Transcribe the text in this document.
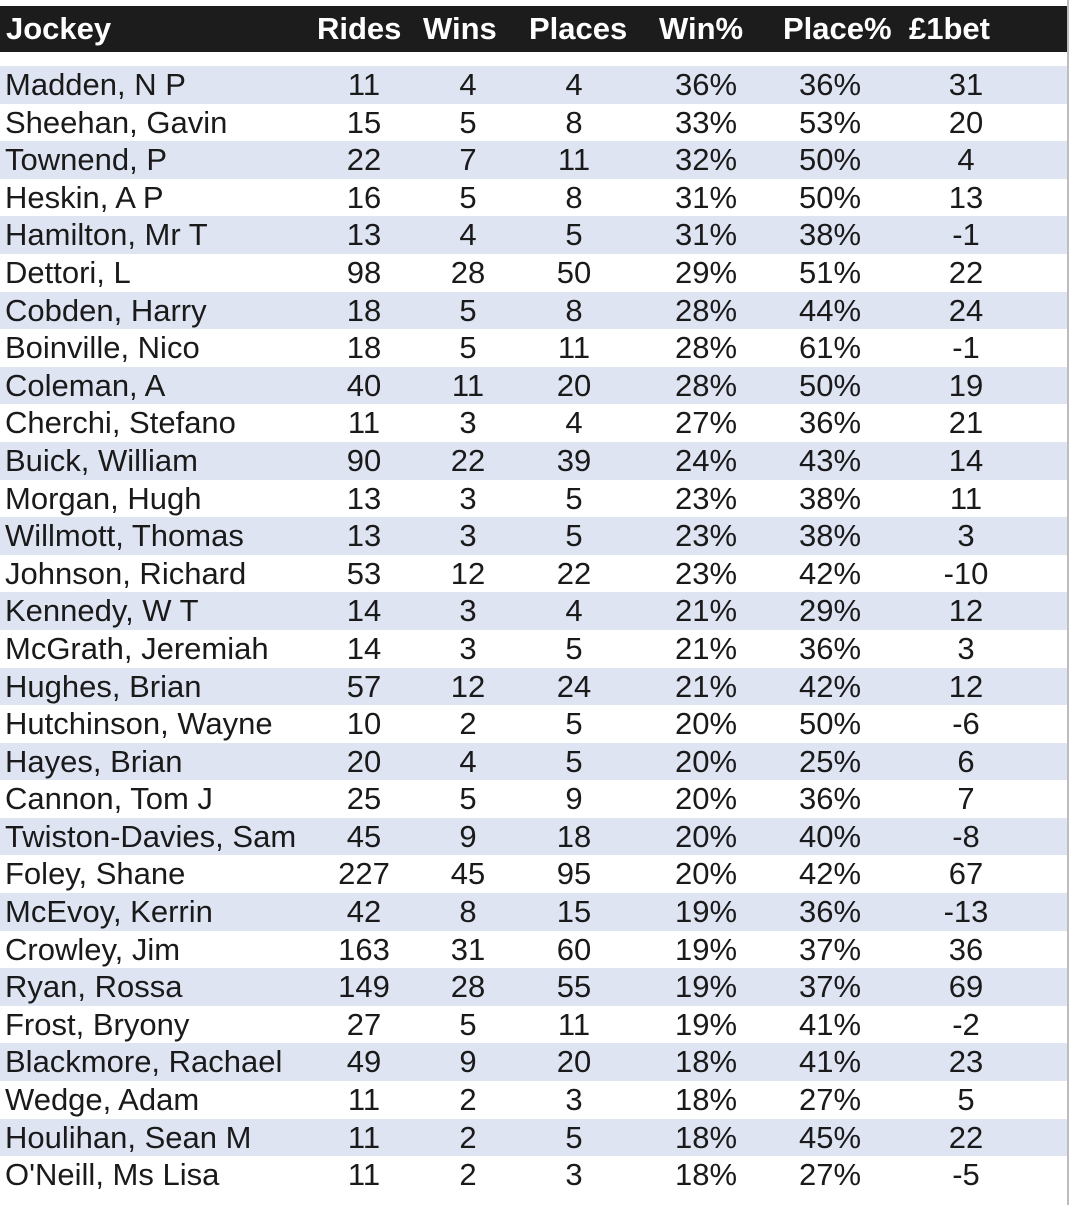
Jockey	Rides Wins Places Win% Place% £1bet
Madden, N P	11	4	4	36%	36%	31
Sheehan, Gavin	15	5	8	33%	53%	20
Townend, P	22	7	11	32%	50%	4
Heskin, A P	16	5	8	31%	50%	13
Hamilton, Mr T	13	4	5	31%	38%	-1
Dettori, L	98	28	50	29%	51%	22
Cobden, Harry	18	5	8	28%	44%	24
Boinville, Nico	18	5	11	28%	61%	-1
Coleman, A	40	11	20	28%	50%	19
Cherchi, Stefano	11	3	4	27%	36%	21
Buick, William	90	22	39	24%	43%	14
Morgan, Hugh	13	3	5	23%	38%	11
Willmott, Thomas	13	3	5	23%	38%	3
Johnson, Richard	53	12	22	23%	42%	-10
Kennedy, W T	14	3	4	21%	29%	12
McGrath, Jeremiah	14	3	5	21%	36%	3
Hughes, Brian	57	12	24	21%	42%	12
Hutchinson, Wayne	10	2	5	20%	50%	-6
Hayes, Brian	20	4	5	20%	25%	6
Cannon, Tom J	25	5	9	20%	36%	7
Twiston-Davies, Sam	45	9	18	20%	40%	-8
Foley, Shane	227	45	95	20%	42%	67
McEvoy, Kerrin	42	8	15	19%	36%	-13
Crowley, Jim	163	31	60	19%	37%	36
Ryan, Rossa	149	28	55	19%	37%	69
Frost, Bryony	27	5	11	19%	41%	-2
Blackmore, Rachael	49	9	20	18%	41%	23
Wedge, Adam	11	2	3	18%	27%	5
Houlihan, Sean M	11	2	5	18%	45%	22
O'Neill, Ms Lisa	11	2	3	18%	27%	-5
